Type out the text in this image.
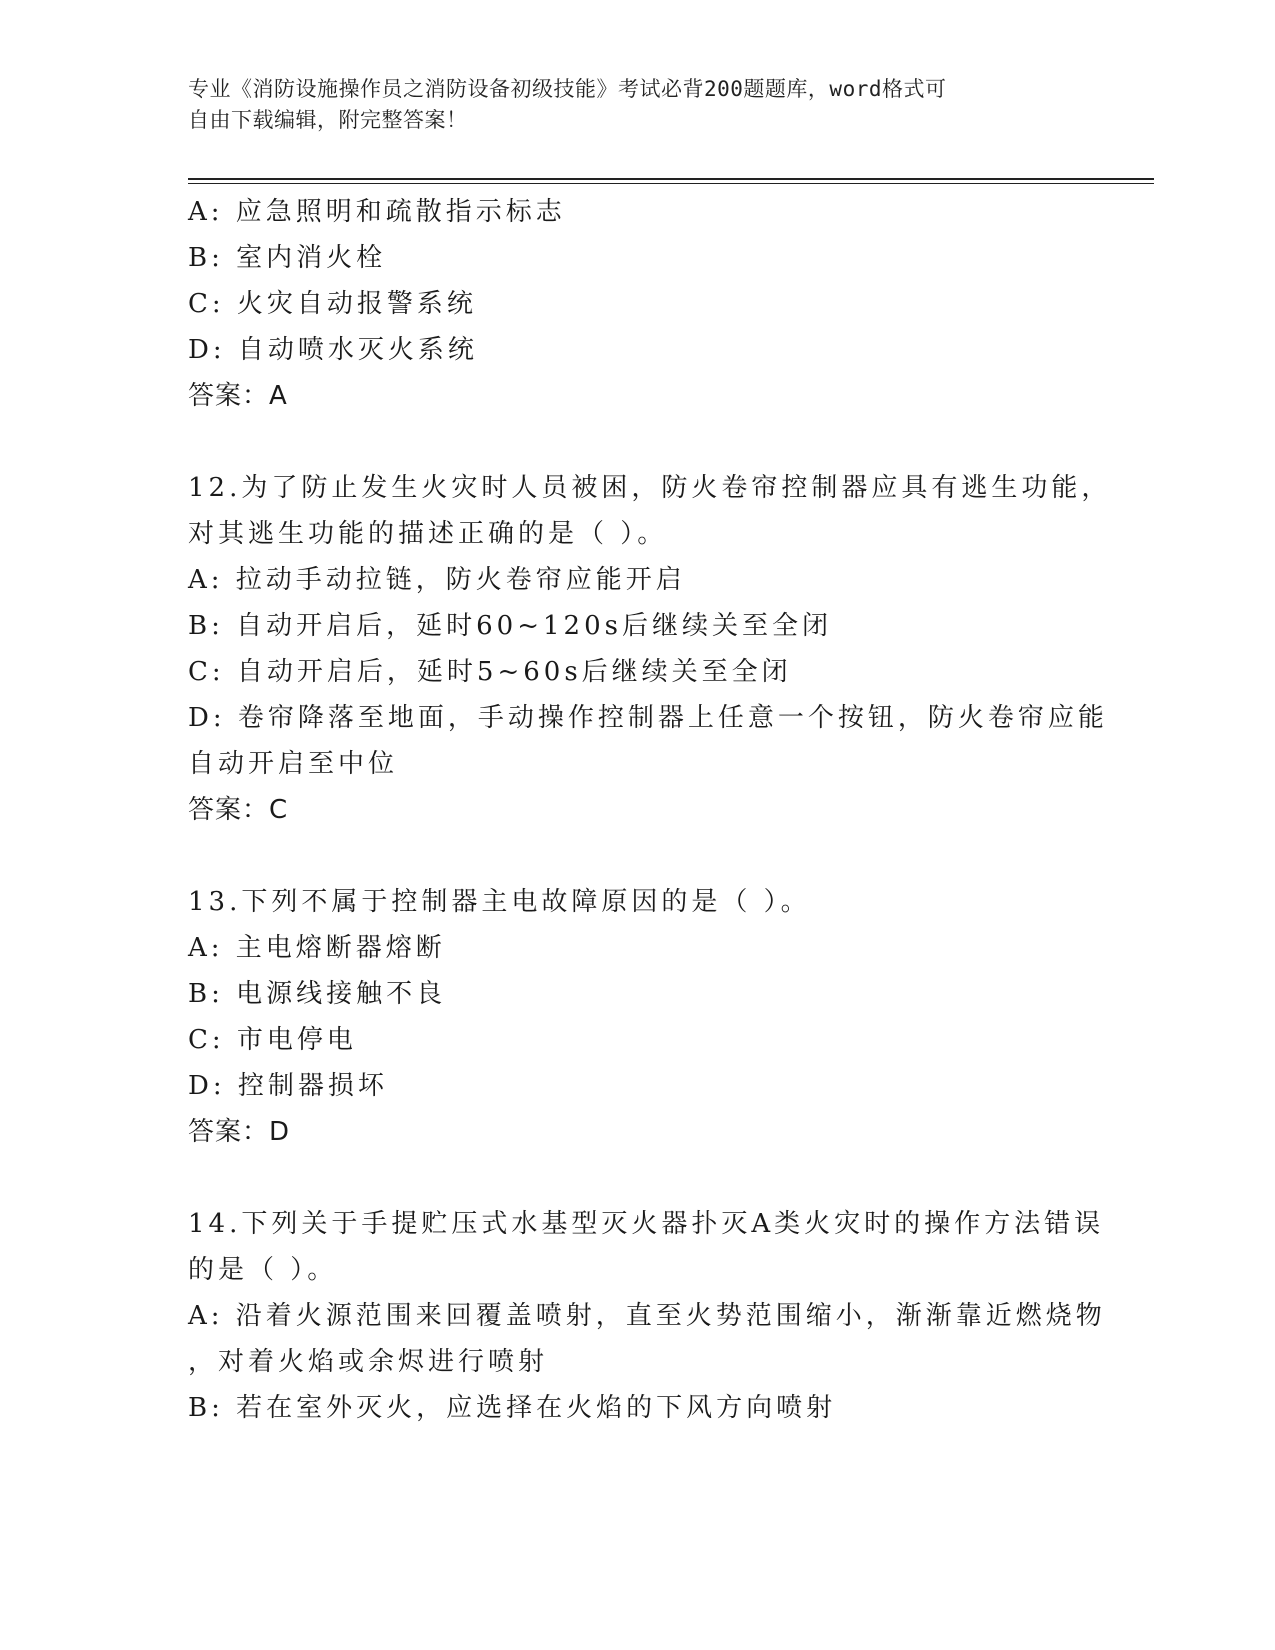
专业《消防设施操作员之消防设备初级技能》考试必背200题题库，word格式可
自由下载编辑，附完整答案！
A: 应急照明和疏散指示标志
B: 室内消火栓
C: 火灾自动报警系统
D: 自动喷水灭火系统
答案：A
12.为了防止发生火灾时人员被困，防火卷帘控制器应具有逃生功能，
对其逃生功能的描述正确的是（ ）。
A: 拉动手动拉链，防火卷帘应能开启
B: 自动开启后，延时60~120s后继续关至全闭
C: 自动开启后，延时5~60s后继续关至全闭
D: 卷帘降落至地面，手动操作控制器上任意一个按钮，防火卷帘应能
自动开启至中位
答案：C
13.下列不属于控制器主电故障原因的是（ ）。
A: 主电熔断器熔断
B: 电源线接触不良
C: 市电停电
D: 控制器损坏
答案：D
14.下列关于手提贮压式水基型灭火器扑灭A类火灾时的操作方法错误
的是（ ）。
A: 沿着火源范围来回覆盖喷射，直至火势范围缩小，渐渐靠近燃烧物
，对着火焰或余烬进行喷射
B: 若在室外灭火，应选择在火焰的下风方向喷射
